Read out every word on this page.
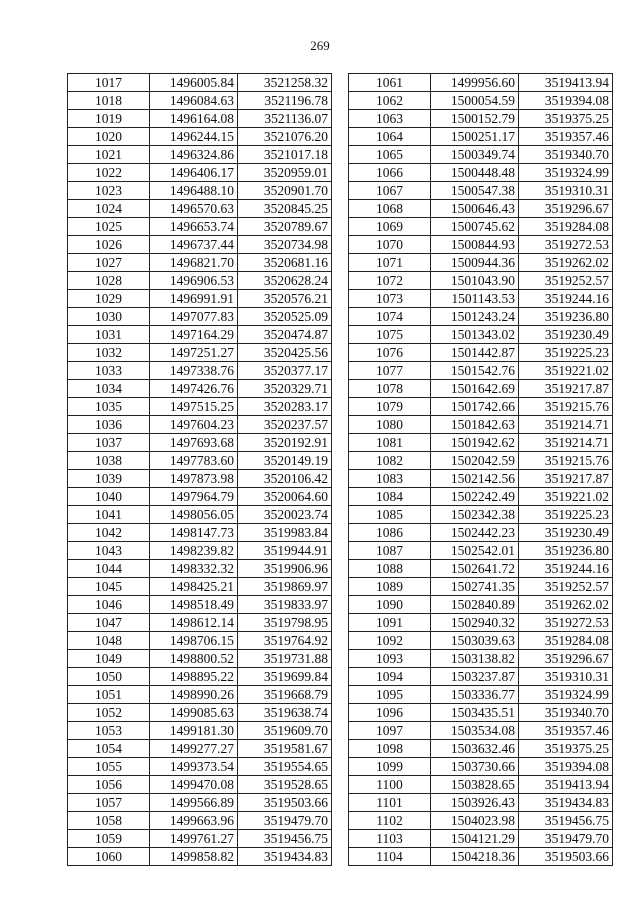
269
1017	1496005.84	3521258.32
1018	1496084.63	3521196.78
1019	1496164.08	3521136.07
1020	1496244.15	3521076.20
1021	1496324.86	3521017.18
1022	1496406.17	3520959.01
1023	1496488.10	3520901.70
1024	1496570.63	3520845.25
1025	1496653.74	3520789.67
1026	1496737.44	3520734.98
1027	1496821.70	3520681.16
1028	1496906.53	3520628.24
1029	1496991.91	3520576.21
1030	1497077.83	3520525.09
1031	1497164.29	3520474.87
1032	1497251.27	3520425.56
1033	1497338.76	3520377.17
1034	1497426.76	3520329.71
1035	1497515.25	3520283.17
1036	1497604.23	3520237.57
1037	1497693.68	3520192.91
1038	1497783.60	3520149.19
1039	1497873.98	3520106.42
1040	1497964.79	3520064.60
1041	1498056.05	3520023.74
1042	1498147.73	3519983.84
1043	1498239.82	3519944.91
1044	1498332.32	3519906.96
1045	1498425.21	3519869.97
1046	1498518.49	3519833.97
1047	1498612.14	3519798.95
1048	1498706.15	3519764.92
1049	1498800.52	3519731.88
1050	1498895.22	3519699.84
1051	1498990.26	3519668.79
1052	1499085.63	3519638.74
1053	1499181.30	3519609.70
1054	1499277.27	3519581.67
1055	1499373.54	3519554.65
1056	1499470.08	3519528.65
1057	1499566.89	3519503.66
1058	1499663.96	3519479.70
1059	1499761.27	3519456.75
1060	1499858.82	3519434.83
1061	1499956.60	3519413.94
1062	1500054.59	3519394.08
1063	1500152.79	3519375.25
1064	1500251.17	3519357.46
1065	1500349.74	3519340.70
1066	1500448.48	3519324.99
1067	1500547.38	3519310.31
1068	1500646.43	3519296.67
1069	1500745.62	3519284.08
1070	1500844.93	3519272.53
1071	1500944.36	3519262.02
1072	1501043.90	3519252.57
1073	1501143.53	3519244.16
1074	1501243.24	3519236.80
1075	1501343.02	3519230.49
1076	1501442.87	3519225.23
1077	1501542.76	3519221.02
1078	1501642.69	3519217.87
1079	1501742.66	3519215.76
1080	1501842.63	3519214.71
1081	1501942.62	3519214.71
1082	1502042.59	3519215.76
1083	1502142.56	3519217.87
1084	1502242.49	3519221.02
1085	1502342.38	3519225.23
1086	1502442.23	3519230.49
1087	1502542.01	3519236.80
1088	1502641.72	3519244.16
1089	1502741.35	3519252.57
1090	1502840.89	3519262.02
1091	1502940.32	3519272.53
1092	1503039.63	3519284.08
1093	1503138.82	3519296.67
1094	1503237.87	3519310.31
1095	1503336.77	3519324.99
1096	1503435.51	3519340.70
1097	1503534.08	3519357.46
1098	1503632.46	3519375.25
1099	1503730.66	3519394.08
1100	1503828.65	3519413.94
1101	1503926.43	3519434.83
1102	1504023.98	3519456.75
1103	1504121.29	3519479.70
1104	1504218.36	3519503.66
